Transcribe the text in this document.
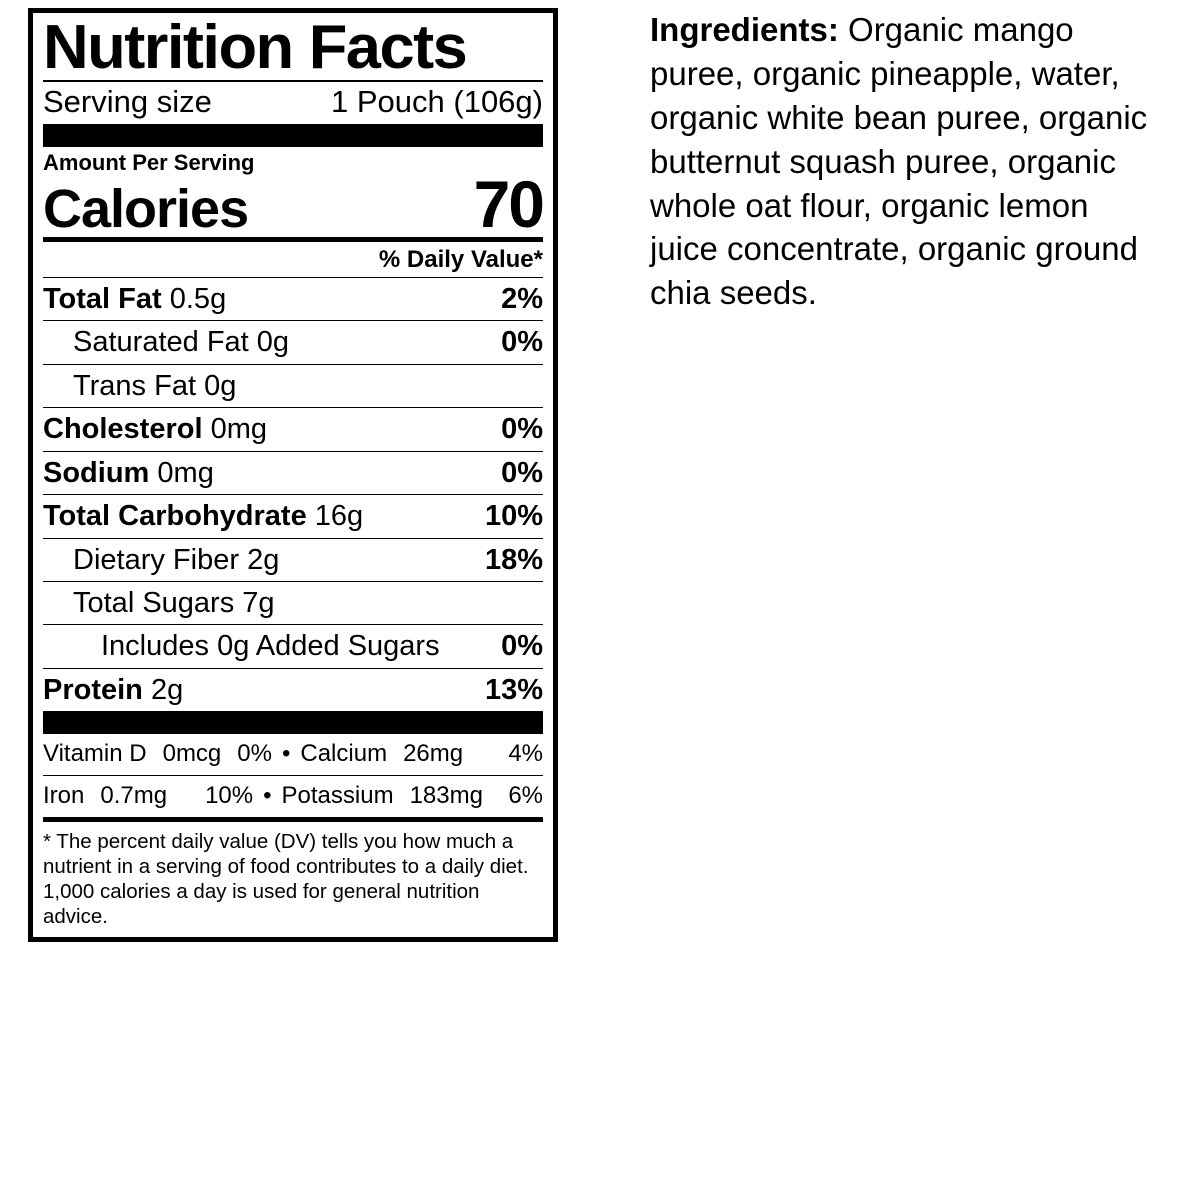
Nutrition Facts
Serving size	1 Pouch (106g)
Amount Per Serving
Calories	70
% Daily Value*
Total Fat 0.5g	2%
Saturated Fat 0g	0%
Trans Fat 0g
Cholesterol 0mg	0%
Sodium 0mg	0%
Total Carbohydrate 16g	10%
Dietary Fiber 2g	18%
Total Sugars 7g
Includes 0g Added Sugars	0%
Protein 2g	13%
Vitamin D 0mcg 0% • Calcium 26mg	4%
Iron 0.7mg	10% • Potassium 183mg	6%
* The percent daily value (DV) tells you how much a nutrient in a serving of food contributes to a daily diet. 1,000 calories a day is used for general nutrition advice.
Ingredients: Organic mango puree, organic pineapple, water, organic white bean puree, organic butternut squash puree, organic whole oat flour, organic lemon juice concentrate, organic ground chia seeds.
